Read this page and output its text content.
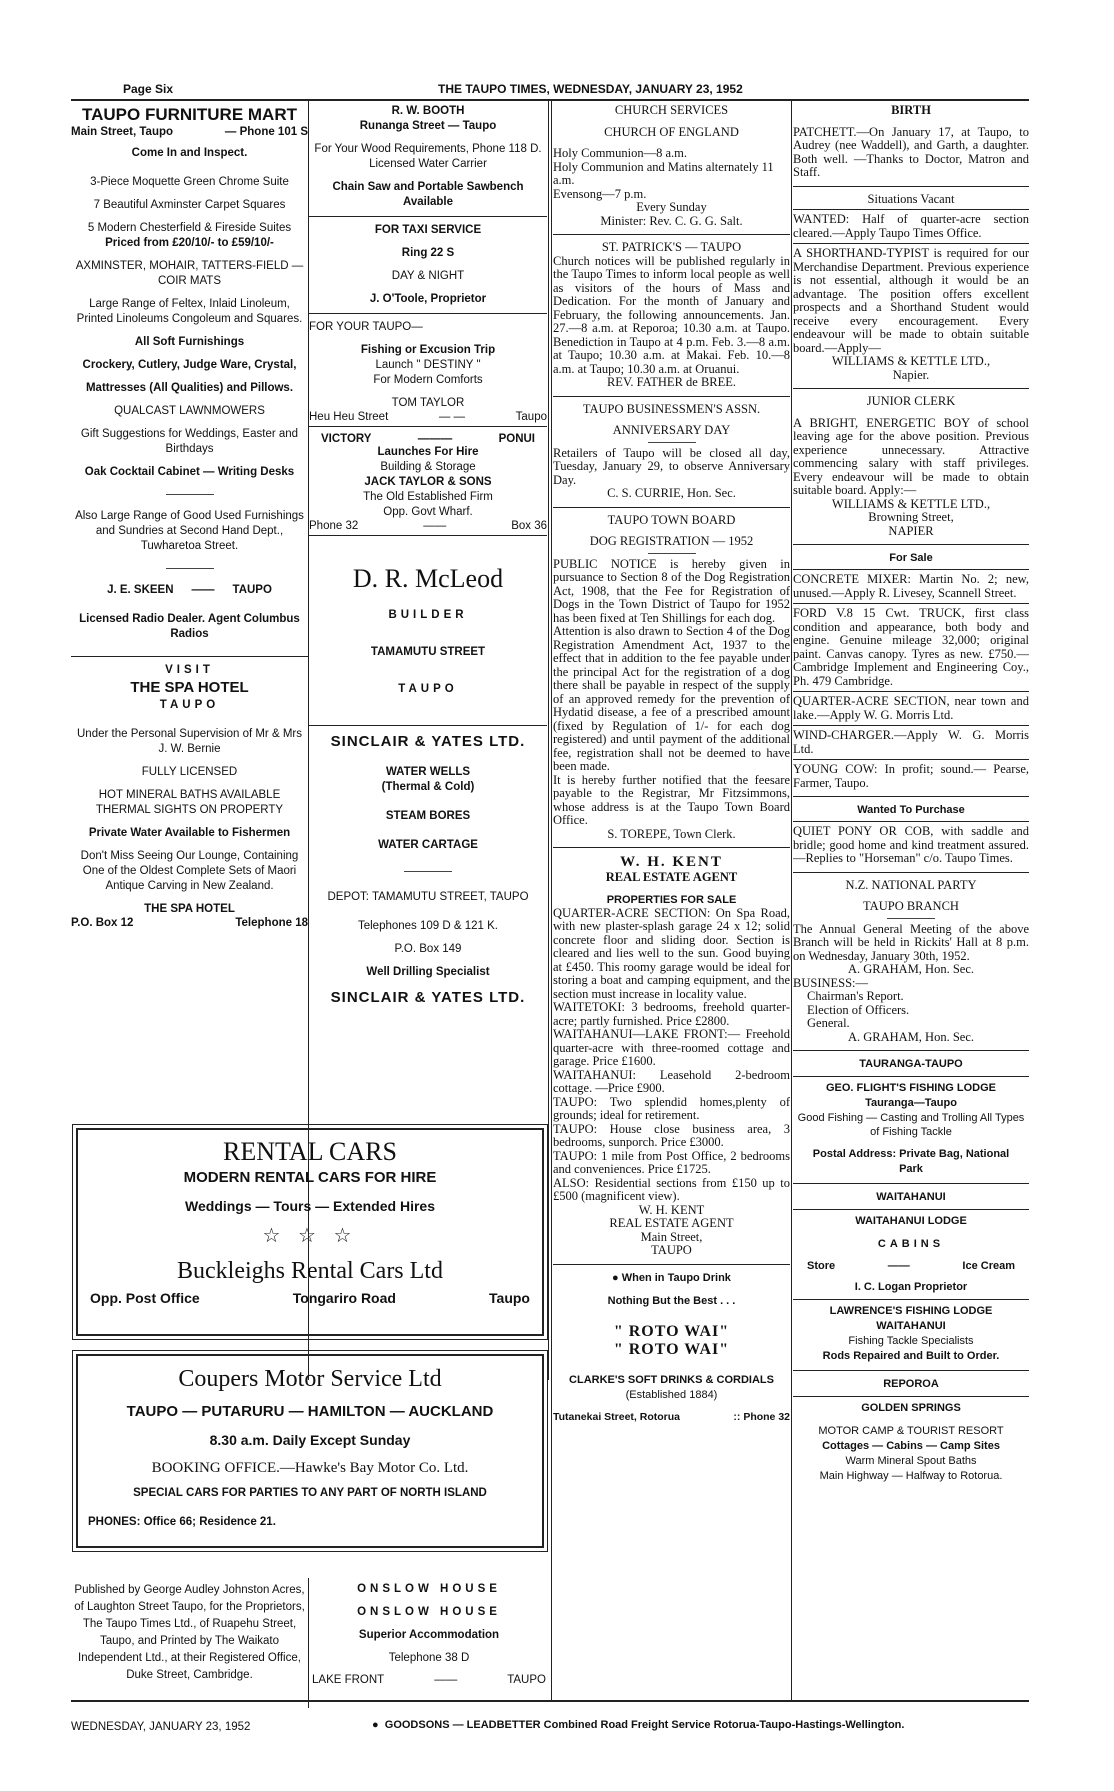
Page Six	THE TAUPO TIMES, WEDNESDAY, JANUARY 23, 1952

TAUPO FURNITURE MART

Main Street, Taupo	— Phone 101 S

Come In and Inspect.

3-Piece Moquette Green Chrome Suite

7 Beautiful Axminster Carpet Squares

5 Modern Chesterfield & Fireside Suites

Priced from £20/10/- to £59/10/-

AXMINSTER, MOHAIR, TATTERS-FIELD — COIR MATS

Large Range of Feltex, Inlaid Linoleum, Printed Linoleums Congoleum and Squares.

All Soft Furnishings

Crockery, Cutlery, Judge Ware, Crystal,

Mattresses (All Qualities) and Pillows.

QUALCAST LAWNMOWERS

Gift Suggestions for Weddings, Easter and Birthdays

Oak Cocktail Cabinet — Writing Desks

Also Large Range of Good Used Furnishings and Sundries at Second Hand Dept., Tuwharetoa Street.

J. E. SKEEN —— TAUPO

Licensed Radio Dealer. Agent Columbus

Radios

VISIT

THE SPA HOTEL

TAUPO

Under the Personal Supervision of Mr & Mrs J. W. Bernie

FULLY LICENSED

HOT MINERAL BATHS AVAILABLE

THERMAL SIGHTS ON PROPERTY

Private Water Available to Fishermen

Don't Miss Seeing Our Lounge, Containing One of the Oldest Complete Sets of Maori Antique Carving in New Zealand.

THE SPA HOTEL

P.O. Box 12	Telephone 18

R. W. BOOTH

Runanga Street — Taupo

For Your Wood Requirements, Phone 118 D. Licensed Water Carrier

Chain Saw and Portable Sawbench Available

FOR TAXI SERVICE

Ring 22 S

DAY & NIGHT

J. O'Toole, Proprietor

FOR YOUR TAUPO—

Fishing or Excusion Trip

Launch " DESTINY "

For Modern Comforts

TOM TAYLOR

Heu Heu Street	— —	Taupo
VICTORY	———	PONUI

Launches For Hire

Building & Storage

JACK TAYLOR & SONS

The Old Established Firm

Opp. Govt Wharf.

Phone 32	——	Box 36

D. R. McLeod

BUILDER

TAMAMUTU STREET

TAUPO

SINCLAIR & YATES LTD.

WATER WELLS

(Thermal & Cold)

STEAM BORES

WATER CARTAGE

DEPOT: TAMAMUTU STREET, TAUPO

Telephones 109 D & 121 K.

P.O. Box 149

Well Drilling Specialist

SINCLAIR & YATES LTD.

RENTAL CARS

MODERN RENTAL CARS FOR HIRE

Weddings — Tours — Extended Hires

☆ ☆ ☆

Buckleighs Rental Cars Ltd

Opp. Post Office	Tongariro Road	Taupo

Coupers Motor Service Ltd

TAUPO — PUTARURU — HAMILTON — AUCKLAND

8.30 a.m. Daily Except Sunday

BOOKING OFFICE.—Hawke's Bay Motor Co. Ltd.

SPECIAL CARS FOR PARTIES TO ANY PART OF NORTH ISLAND

PHONES: Office 66; Residence 21.

Published by George Audley Johnston Acres, of Laughton Street Taupo, for the Proprietors, The Taupo Times Ltd., of Ruapehu Street, Taupo, and Printed by The Waikato Independent Ltd., at their Registered Office, Duke Street, Cambridge.

ONSLOW HOUSE

ONSLOW HOUSE

Superior Accommodation

Telephone 38 D

LAKE FRONT	——	TAUPO

CHURCH SERVICES

CHURCH OF ENGLAND

Holy Communion—8 a.m.

Holy Communion and Matins alternately 11 a.m.

Evensong—7 p.m.

Every Sunday

Minister: Rev. C. G. G. Salt.

ST. PATRICK'S — TAUPO

Church notices will be published regularly in the Taupo Times to inform local people as well as visitors of the hours of Mass and Dedication. For the month of January and February, the following announcements. Jan. 27.—8 a.m. at Reporoa; 10.30 a.m. at Taupo. Benediction in Taupo at 4 p.m. Feb. 3.—8 a.m. at Taupo; 10.30 a.m. at Makai. Feb. 10.—8 a.m. at Taupo; 10.30 a.m. at Oruanui.

REV. FATHER de BREE.

TAUPO BUSINESSMEN'S ASSN.

ANNIVERSARY DAY

Retailers of Taupo will be closed all day, Tuesday, January 29, to observe Anniversary Day.

C. S. CURRIE, Hon. Sec.

TAUPO TOWN BOARD

DOG REGISTRATION — 1952

PUBLIC NOTICE is hereby given in pursuance to Section 8 of the Dog Registration Act, 1908, that the Fee for Registration of Dogs in the Town District of Taupo for 1952 has been fixed at Ten Shillings for each dog.

Attention is also drawn to Section 4 of the Dog Registration Amendment Act, 1937 to the effect that in addition to the fee payable under the principal Act for the registration of a dog there shall be payable in respect of the supply of an approved remedy for the prevention of Hydatid disease, a fee of a prescribed amount (fixed by Regulation of 1/- for each dog registered) and until payment of the additional fee, registration shall not be deemed to have been made.

It is hereby further notified that the feesare payable to the Registrar, Mr Fitzsimmons, whose address is at the Taupo Town Board Office.

S. TOREPE, Town Clerk.

W. H. KENT

REAL ESTATE AGENT

PROPERTIES FOR SALE

QUARTER-ACRE SECTION: On Spa Road, with new plaster-splash garage 24 x 12; solid concrete floor and sliding door. Section is cleared and lies well to the sun. Good buying at £450. This roomy garage would be ideal for storing a boat and camping equipment, and the section must increase in locality value.

WAITETOKI: 3 bedrooms, freehold quarter-acre; partly furnished. Price £2800.

WAITAHANUI—LAKE FRONT:— Freehold quarter-acre with three-roomed cottage and garage. Price £1600.

WAITAHANUI: Leasehold 2-bedroom cottage. —Price £900.

TAUPO: Two splendid homes,plenty of grounds; ideal for retirement.

TAUPO: House close business area, 3 bedrooms, sunporch. Price £3000.

TAUPO: 1 mile from Post Office, 2 bedrooms and conveniences. Price £1725.

ALSO: Residential sections from £150 up to £500 (magnificent view).

W. H. KENT

REAL ESTATE AGENT

Main Street,

TAUPO

● When in Taupo Drink

Nothing But the Best . . .

" ROTO WAI"

" ROTO WAI"

CLARKE'S SOFT DRINKS & CORDIALS

(Established 1884)

Tutanekai Street, Rotorua	:: Phone 32

BIRTH

PATCHETT.—On January 17, at Taupo, to Audrey (nee Waddell), and Garth, a daughter. Both well. —Thanks to Doctor, Matron and Staff.

Situations Vacant

WANTED: Half of quarter-acre section cleared.—Apply Taupo Times Office.

A SHORTHAND-TYPIST is required for our Merchandise Department. Previous experience is not essential, although it would be an advantage. The position offers excellent prospects and a Shorthand Student would receive every encouragement. Every endeavour will be made to obtain suitable board.—Apply—

WILLIAMS & KETTLE LTD.,

Napier.

JUNIOR CLERK

A BRIGHT, ENERGETIC BOY of school leaving age for the above position. Previous experience unnecessary. Attractive commencing salary with staff privileges. Every endeavour will be made to obtain suitable board. Apply:—

WILLIAMS & KETTLE LTD.,

Browning Street,

NAPIER

For Sale

CONCRETE MIXER: Martin No. 2; new, unused.—Apply R. Livesey, Scannell Street.

FORD V.8 15 Cwt. TRUCK, first class condition and appearance, both body and engine. Genuine mileage 32,000; original paint. Canvas canopy. Tyres as new. £750.—Cambridge Implement and Engineering Coy., Ph. 479 Cambridge.

QUARTER-ACRE SECTION, near town and lake.—Apply W. G. Morris Ltd.

WIND-CHARGER.—Apply W. G. Morris Ltd.

YOUNG COW: In profit; sound.— Pearse, Farmer, Taupo.

Wanted To Purchase

QUIET PONY OR COB, with saddle and bridle; good home and kind treatment assured.—Replies to "Horseman" c/o. Taupo Times.

N.Z. NATIONAL PARTY

TAUPO BRANCH

The Annual General Meeting of the above Branch will be held in Rickits' Hall at 8 p.m. on Wednesday, January 30th, 1952.

A. GRAHAM, Hon. Sec.

BUSINESS:—

Chairman's Report.

Election of Officers.

General.

A. GRAHAM, Hon. Sec.

TAURANGA-TAUPO

GEO. FLIGHT'S FISHING LODGE

Tauranga—Taupo

Good Fishing — Casting and Trolling All Types of Fishing Tackle

Postal Address: Private Bag, National

Park

WAITAHANUI

WAITAHANUI LODGE

CABINS

Store	——	Ice Cream

I. C. Logan Proprietor

LAWRENCE'S FISHING LODGE

WAITAHANUI

Fishing Tackle Specialists

Rods Repaired and Built to Order.

REPOROA

GOLDEN SPRINGS

MOTOR CAMP & TOURIST RESORT

Cottages — Cabins — Camp Sites

Warm Mineral Spout Baths

Main Highway — Halfway to Rotorua.

WEDNESDAY, JANUARY 23, 1952	●  GOODSONS — LEADBETTER Combined Road Freight Service Rotorua-Taupo-Hastings-Wellington.
